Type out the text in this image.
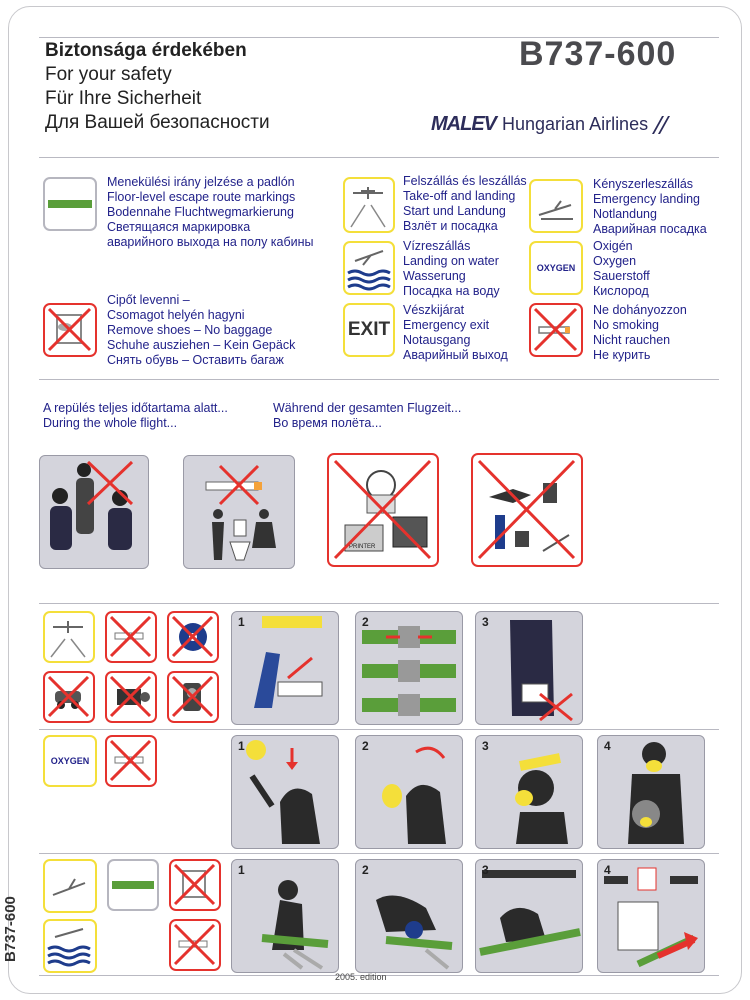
Biztonsága érdekében
For your safety
Für Ihre Sicherheit
Для Вашей безопасности
B737-600
MALEV Hungarian Airlines
Menekülési irány jelzése a padlón
Floor-level escape route markings
Bodennahe Fluchtwegmarkierung
Светящаяся маркировка
аварийного выхода на полу кабины
Cipőt levenni –
Csomagot helyén hagyni
Remove shoes – No baggage
Schuhe ausziehen – Kein Gepäck
Снять обувь – Оставить багаж
Felszállás és leszállás
Take-off and landing
Start und Landung
Взлёт и посадка
Vízreszállás
Landing on water
Wasserung
Посадка на воду
EXIT
Vészkijárat
Emergency exit
Notausgang
Аварийный выход
Kényszerleszállás
Emergency landing
Notlandung
Аварийная посадка
OXYGEN
Oxigén
Oxygen
Sauerstoff
Кислород
Ne dohányozzon
No smoking
Nicht rauchen
Не курить
A repülés teljes időtartama alatt...
During the whole flight...
Während der gesamten Flugzeit...
Во время полёта...
PRINTER
1	2	3
OXYGEN
1	2	3	4
1	2	3	4
B737-600
2005. edition
